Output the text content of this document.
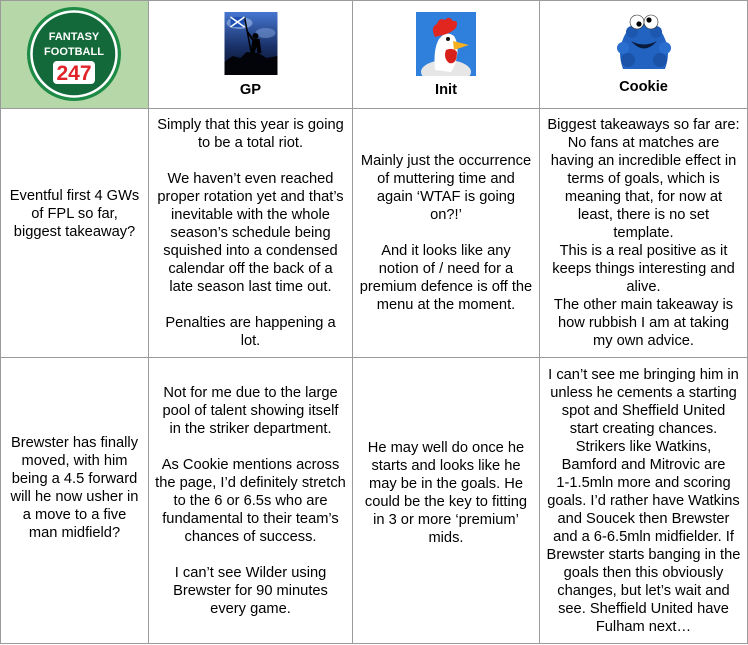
FANTASY
FOOTBALL
247
GP	Init	Cookie
Eventful first 4 GWs
of FPL so far,
biggest takeaway?
Simply that this year is going
to be a total riot.

We haven’t even reached
proper rotation yet and that’s
inevitable with the whole
season’s schedule being
squished into a condensed
calendar off the back of a
late season last time out.

Penalties are happening a
lot.
Mainly just the occurrence
of muttering time and
again ‘WTAF is going
on?!’

And it looks like any
notion of / need for a
premium defence is off the
menu at the moment.
Biggest takeaways so far are:
No fans at matches are
having an incredible effect in
terms of goals, which is
meaning that, for now at
least, there is no set
template.
This is a real positive as it
keeps things interesting and
alive.
The other main takeaway is
how rubbish I am at taking
my own advice.
Brewster has finally
moved, with him
being a 4.5 forward
will he now usher in
a move to a five
man midfield?
Not for me due to the large
pool of talent showing itself
in the striker department.

As Cookie mentions across
the page, I’d definitely stretch
to the 6 or 6.5s who are
fundamental to their team’s
chances of success.

I can’t see Wilder using
Brewster for 90 minutes
every game.
He may well do once he
starts and looks like he
may be in the goals. He
could be the key to fitting
in 3 or more ‘premium’
mids.
I can’t see me bringing him in
unless he cements a starting
spot and Sheffield United
start creating chances.
Strikers like Watkins,
Bamford and Mitrovic are
1-1.5mln more and scoring
goals. I’d rather have Watkins
and Soucek then Brewster
and a 6-6.5mln midfielder. If
Brewster starts banging in the
goals then this obviously
changes, but let’s wait and
see. Sheffield United have
Fulham next…
